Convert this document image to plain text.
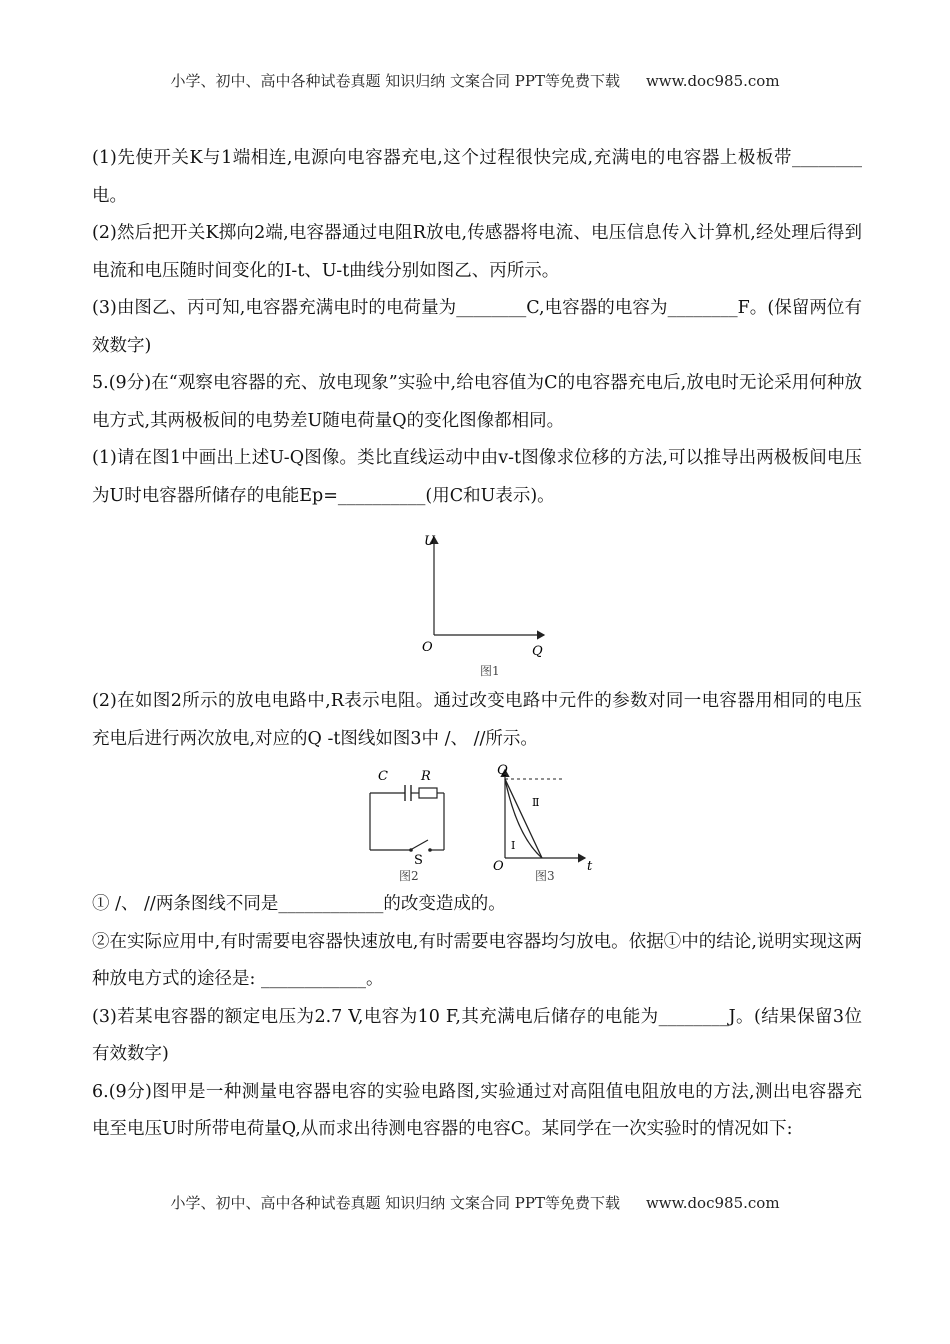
小学、初中、高中各种试卷真题 知识归纳 文案合同 PPT等免费下载 www.doc985.com

(1)先使开关K与1端相连,电源向电容器充电,这个过程很快完成,充满电的电容器上极板带________电。

(2)然后把开关K掷向2端,电容器通过电阻R放电,传感器将电流、电压信息传入计算机,经处理后得到电流和电压随时间变化的I-t、U-t曲线分别如图乙、丙所示。

(3)由图乙、丙可知,电容器充满电时的电荷量为________C,电容器的电容为________F。(保留两位有效数字)

5.(9分)在“观察电容器的充、放电现象”实验中,给电容值为C的电容器充电后,放电时无论采用何种放电方式,其两极板间的电势差U随电荷量Q的变化图像都相同。

(1)请在图1中画出上述U-Q图像。类比直线运动中由v-t图像求位移的方法,可以推导出两极板间电压为U时电容器所储存的电能Ep=__________(用C和U表示)。

U
O	Q
图1

(2)在如图2所示的放电电路中,R表示电阻。通过改变电路中元件的参数对同一电容器用相同的电压充电后进行两次放电,对应的Q -t图线如图3中 /、 //所示。

C	R
S
图2
Q
O	t
Ⅱ
Ⅰ
图3

① /、 //两条图线不同是____________的改变造成的。

②在实际应用中,有时需要电容器快速放电,有时需要电容器均匀放电。依据①中的结论,说明实现这两种放电方式的途径是: ____________。

(3)若某电容器的额定电压为2.7 V,电容为10 F,其充满电后储存的电能为________J。(结果保留3位有效数字)

6.(9分)图甲是一种测量电容器电容的实验电路图,实验通过对高阻值电阻放电的方法,测出电容器充电至电压U时所带电荷量Q,从而求出待测电容器的电容C。某同学在一次实验时的情况如下:

小学、初中、高中各种试卷真题 知识归纳 文案合同 PPT等免费下载 www.doc985.com
